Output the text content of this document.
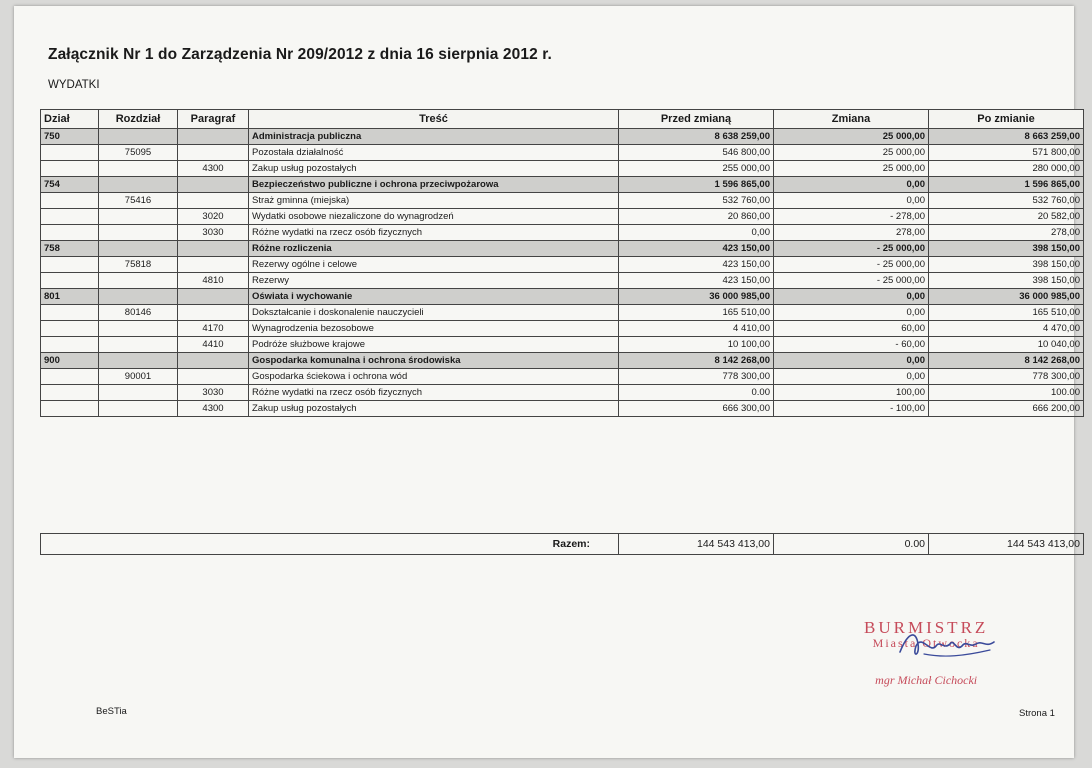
Załącznik Nr 1 do Zarządzenia Nr 209/2012 z dnia 16 sierpnia 2012 r.
WYDATKI
Dział	Rozdział	Paragraf	Treść	Przed zmianą	Zmiana	Po zmianie
750			Administracja publiczna	8 638 259,00	25 000,00	8 663 259,00
	75095		Pozostała działalność	546 800,00	25 000,00	571 800,00
		4300	Zakup usług pozostałych	255 000,00	25 000,00	280 000,00
754			Bezpieczeństwo publiczne i ochrona przeciwpożarowa	1 596 865,00	0,00	1 596 865,00
	75416		Straż gminna (miejska)	532 760,00	0,00	532 760,00
		3020	Wydatki osobowe niezaliczone do wynagrodzeń	20 860,00	- 278,00	20 582,00
		3030	Różne wydatki na rzecz osób fizycznych	0,00	278,00	278,00
758			Różne rozliczenia	423 150,00	- 25 000,00	398 150,00
	75818		Rezerwy ogólne i celowe	423 150,00	- 25 000,00	398 150,00
		4810	Rezerwy	423 150,00	- 25 000,00	398 150,00
801			Oświata i wychowanie	36 000 985,00	0,00	36 000 985,00
	80146		Dokształcanie i doskonalenie nauczycieli	165 510,00	0,00	165 510,00
		4170	Wynagrodzenia bezosobowe	4 410,00	60,00	4 470,00
		4410	Podróże służbowe krajowe	10 100,00	- 60,00	10 040,00
900			Gospodarka komunalna i ochrona środowiska	8 142 268,00	0,00	8 142 268,00
	90001		Gospodarka ściekowa i ochrona wód	778 300,00	0,00	778 300,00
		3030	Różne wydatki na rzecz osób fizycznych	0.00	100,00	100.00
		4300	Zakup usług pozostałych	666 300,00	- 100,00	666 200,00
Razem:	144 543 413,00	0.00	144 543 413,00
BURMISTRZ
Miasta Otwocka
mgr Michał Cichocki
BeSTia	Strona 1
